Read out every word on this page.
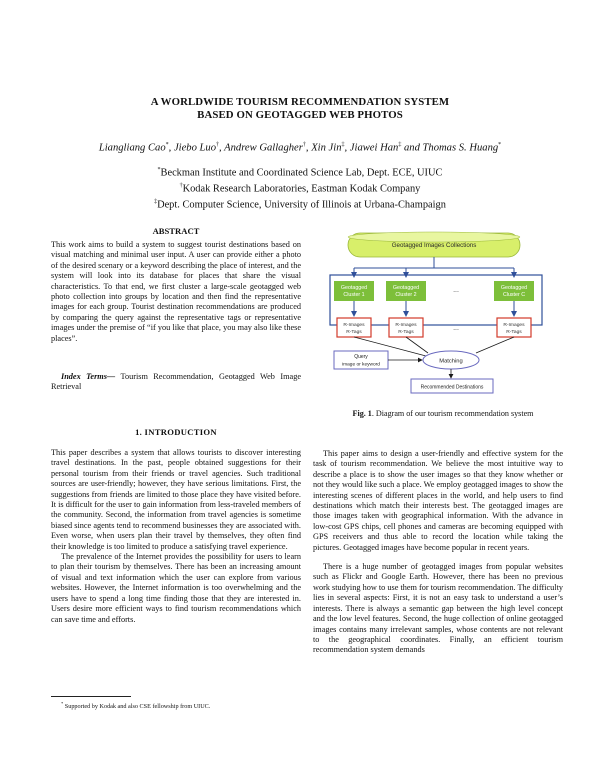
A WORLDWIDE TOURISM RECOMMENDATION SYSTEM
BASED ON GEOTAGGED WEB PHOTOS
Liangliang Cao*, Jiebo Luo†, Andrew Gallagher†, Xin Jin‡, Jiawei Han‡ and Thomas S. Huang*
*Beckman Institute and Coordinated Science Lab, Dept. ECE, UIUC
†Kodak Research Laboratories, Eastman Kodak Company
‡Dept. Computer Science, University of Illinois at Urbana-Champaign
ABSTRACT

This work aims to build a system to suggest tourist destinations based on visual matching and minimal user input. A user can provide either a photo of the desired scenary or a keyword describing the place of interest, and the system will look into its database for places that share the visual characteristics. To that end, we first cluster a large-scale geotagged web photo collection into groups by location and then find the representative images for each group. Tourist destination recommendations are produced by comparing the query against the representative tags or representative images under the premise of “if you like that place, you may also like these places”.

Index Terms— Tourism Recommendation, Geotagged Web Image Retrieval

1. INTRODUCTION

This paper describes a system that allows tourists to discover interesting travel destinations. In the past, people obtained suggestions for their personal tourism from their friends or travel agencies. Such traditional sources are user-friendly; however, they have serious limitations. First, the suggestions from friends are limited to those place they have visited before. It is difficult for the user to gain information from less-traveled members of the community. Second, the information from travel agencies is sometime biased since agents tend to recommend businesses they are associated with. Even worse, when users plan their travel by themselves, they often find their knowledge is too limited to produce a satisfying travel experience.

The prevalence of the Internet provides the possibility for users to learn to plan their tourism by themselves. There has been an increasing amount of visual and text information which the user can explore from various websites. However, the Internet information is too overwhelming and the users have to spend a long time finding those that they are interested in. Users desire more efficient ways to find tourism recommendations which can save time and efforts.

* Supported by Kodak and also CSE fellowship from UIUC.
Geotagged Images Collections
Geotagged
Cluster 1
Geotagged
Cluster 2
...	Geotagged
Cluster C
R-Images
R-Tags
R-Images
R-Tags
...	R-Images
R-Tags
Query
image or keyword
Matching
Recommended Destinations
Fig. 1. Diagram of our tourism recommendation system

This paper aims to design a user-friendly and effective system for the task of tourism recommendation. We believe the most intuitive way to describe a place is to show the user images so that they know whether or not they would like such a place. We employ geotagged images to show the interesting scenes of different places in the world, and help users to find destinations which match their interests best. The geotagged images are those images taken with geographical information. With the advance in low-cost GPS chips, cell phones and cameras are becoming equipped with GPS receivers and thus able to record the location while taking the pictures. Geotagged images have become popular in recent years.

There is a huge number of geotagged images from popular websites such as Flickr and Google Earth. However, there has been no previous work studying how to use them for tourism recommendation. The difficulty lies in several aspects: First, it is not an easy task to understand a user’s interests. There is always a semantic gap between the high level concept and the low level features. Second, the huge collection of online geotagged images contains many irrelevant samples, whose contents are not relevant to the geographical coordinates. Finally, an efficient tourism recommendation system demands
